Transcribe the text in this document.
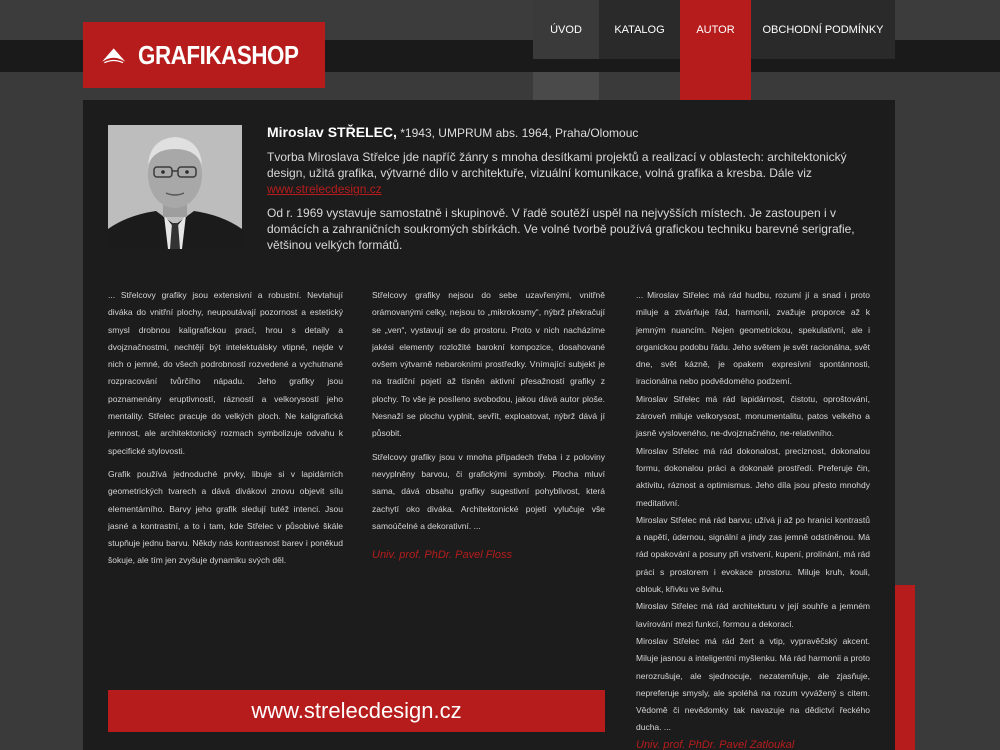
GRAFIKASHOP
ÚVOD	KATALOG	AUTOR	OBCHODNÍ PODMÍNKY
Miroslav STŘELEC, *1943, UMPRUM abs. 1964, Praha/Olomouc

Tvorba Miroslava Střelce jde napříč žánry s mnoha desítkami projektů a realizací v oblastech: architektonický design, užitá grafika, výtvarné dílo v architektuře, vizuální komunikace, volná grafika a kresba. Dále viz www.strelecdesign.cz

Od r. 1969 vystavuje samostatně i skupinově. V řadě soutěží uspěl na nejvyšších místech. Je zastoupen i v domácích a zahraničních soukromých sbírkách. Ve volné tvorbě používá grafickou techniku barevné serigrafie, většinou velkých formátů.

... Střelcovy grafiky jsou extensivní a robustní. Nevtahují diváka do vnitřní plochy, neupoutávají pozornost a estetický smysl drobnou kaligrafickou prací, hrou s detaily a dvojznačnostmi, nechtějí být intelektuálsky vtipné, nejde v nich o jemné, do všech podrobností rozvedené a vychutnané rozpracování tvůrčího nápadu. Jeho grafiky jsou poznamenány eruptivností, rázností a velkorysostí jeho mentality. Střelec pracuje do velkých ploch. Ne kaligrafická jemnost, ale architektonický rozmach symbolizuje odvahu k specifické stylovosti.

Grafik používá jednoduché prvky, libuje si v lapidárních geometrických tvarech a dává divákovi znovu objevit sílu elementárního. Barvy jeho grafik sledují tutéž intenci. Jsou jasné a kontrastní, a to i tam, kde Střelec v působivé škále stupňuje jednu barvu. Někdy nás kontrasnost barev i poněkud šokuje, ale tím jen zvyšuje dynamiku svých děl.

Střelcovy grafiky nejsou do sebe uzavřenými, vnitřně orámovanými celky, nejsou to „mikrokosmy“, nýbrž překračují se „ven“, vystavují se do prostoru. Proto v nich nacházíme jakési elementy rozložité barokní kompozice, dosahované ovšem výtvarně nebarokními prostředky. Vnímající subjekt je na tradiční pojetí až tísněn aktivní přesažností grafiky z plochy. To vše je posíleno svobodou, jakou dává autor ploše. Nesnaží se plochu vyplnit, sevřít, exploatovat, nýbrž dává jí působit.

Střelcovy grafiky jsou v mnoha případech třeba i z poloviny nevyplněny barvou, či grafickými symboly. Plocha mluví sama, dává obsahu grafiky sugestivní pohyblivost, která zachytí oko diváka. Architektonické pojetí vylučuje vše samoúčelné a dekorativní. ...

Univ. prof. PhDr. Pavel Floss

... Miroslav Střelec má rád hudbu, rozumí jí a snad i proto miluje a ztvárňuje řád, harmonii, zvažuje proporce až k jemným nuancím. Nejen geometrickou, spekulativní, ale i organickou podobu řádu. Jeho světem je svět racionálna, svět dne, svět kázně, je opakem expresívní spontánnosti, iracionálna nebo podvědomého podzemí.

Miroslav Střelec má rád lapidárnost, čistotu, oproštování, zároveň miluje velkorysost, monumentalitu, patos velkého a jasně vysloveného, ne-dvojznačného, ne-relativního.

Miroslav Střelec má rád dokonalost, preciznost, dokonalou formu, dokonalou práci a dokonalé prostředí. Preferuje čin, aktivitu, ráznost a optimismus. Jeho díla jsou přesto mnohdy meditativní.

Miroslav Střelec má rád barvu; užívá ji až po hranici kontrastů a napětí, údernou, signální a jindy zas jemně odstíněnou. Má rád opakování a posuny při vrstvení, kupení, prolínání, má rád práci s prostorem i evokace prostoru. Miluje kruh, kouli, oblouk, křivku ve švihu.

Miroslav Střelec má rád architekturu v její souhře a jemném lavírování mezi funkcí, formou a dekorací.

Miroslav Střelec má rád žert a vtip, vypravěčský akcent. Miluje jasnou a inteligentní myšlenku. Má rád harmonii a proto nerozrušuje, ale sjednocuje, nezatemňuje, ale zjasňuje, nepreferuje smysly, ale spoléhá na rozum vyvážený s citem. Vědomě či nevědomky tak navazuje na dědictví řeckého ducha. ...

Univ. prof. PhDr. Pavel Zatloukal
www.strelecdesign.cz
